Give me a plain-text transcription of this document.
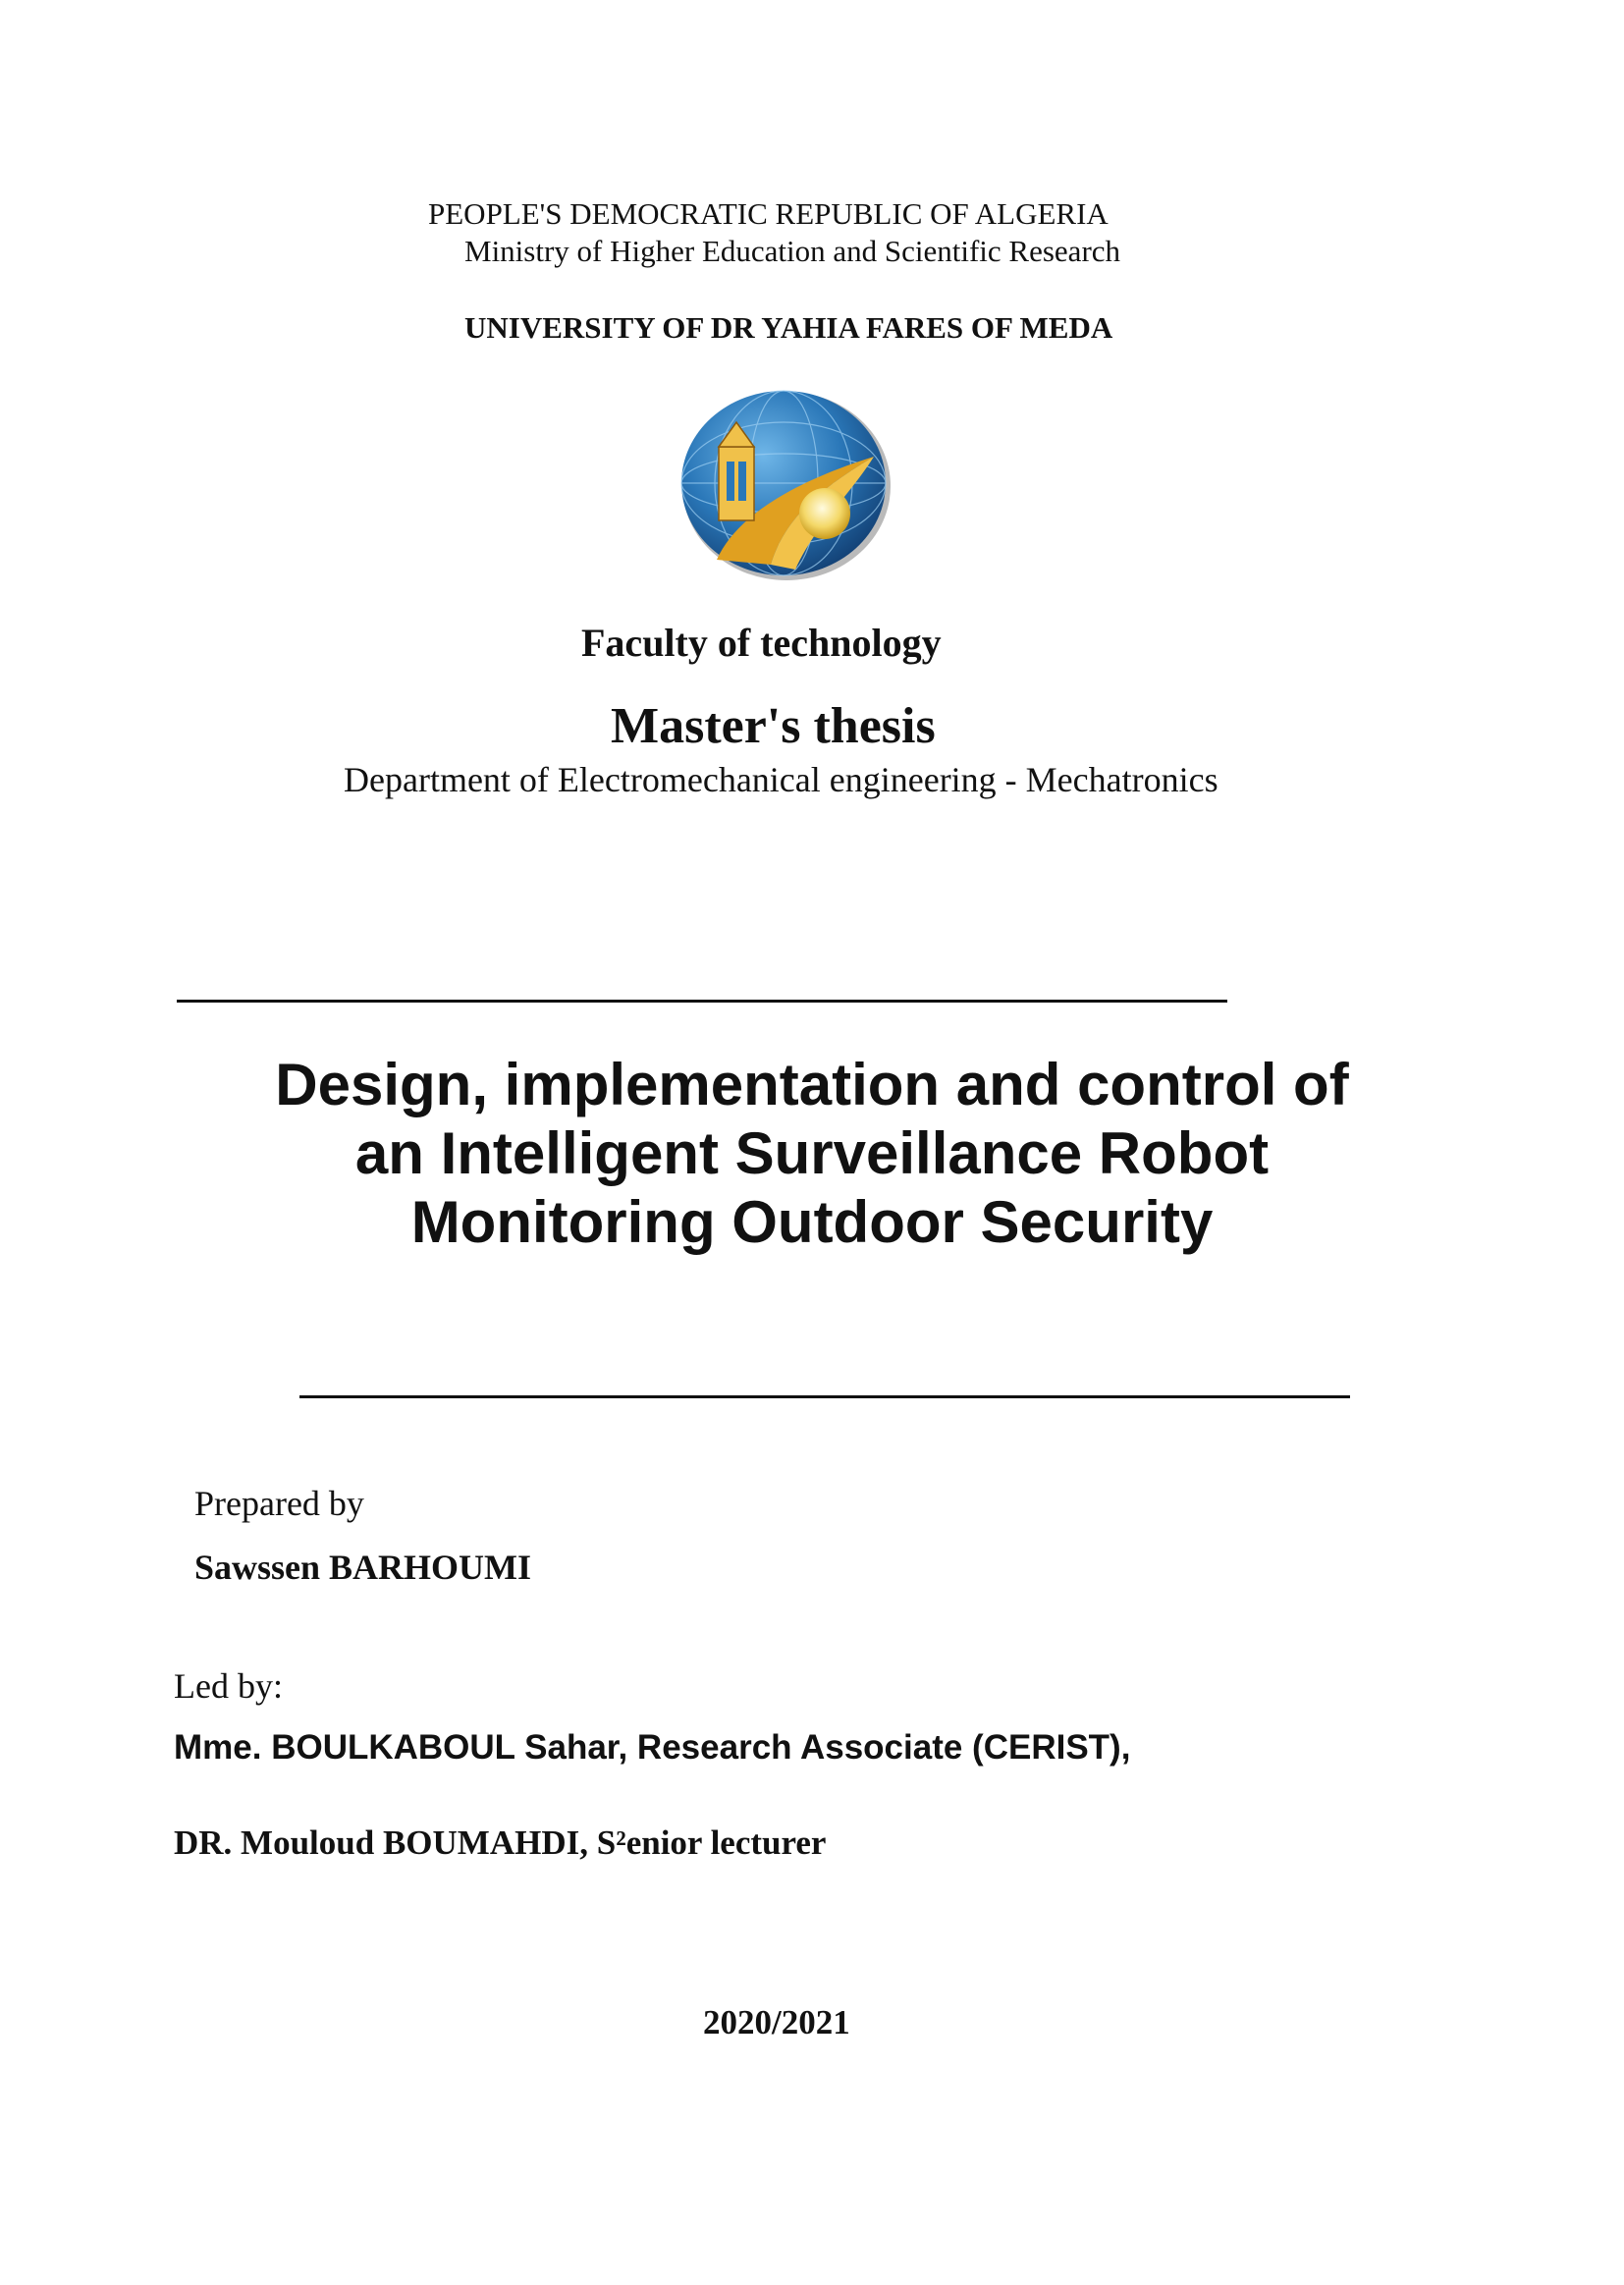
PEOPLE'S DEMOCRATIC REPUBLIC OF ALGERIA
Ministry of Higher Education and Scientific Research
UNIVERSITY OF DR YAHIA FARES OF MEDA
Faculty of technology
Master's thesis
Department of Electromechanical engineering - Mechatronics
Design, implementation and control of
an Intelligent Surveillance Robot
Monitoring Outdoor Security
Prepared by
Sawssen BARHOUMI
Led by:
Mme. BOULKABOUL Sahar, Research Associate (CERIST),
DR. Mouloud BOUMAHDI, S²enior lecturer
2020/2021
